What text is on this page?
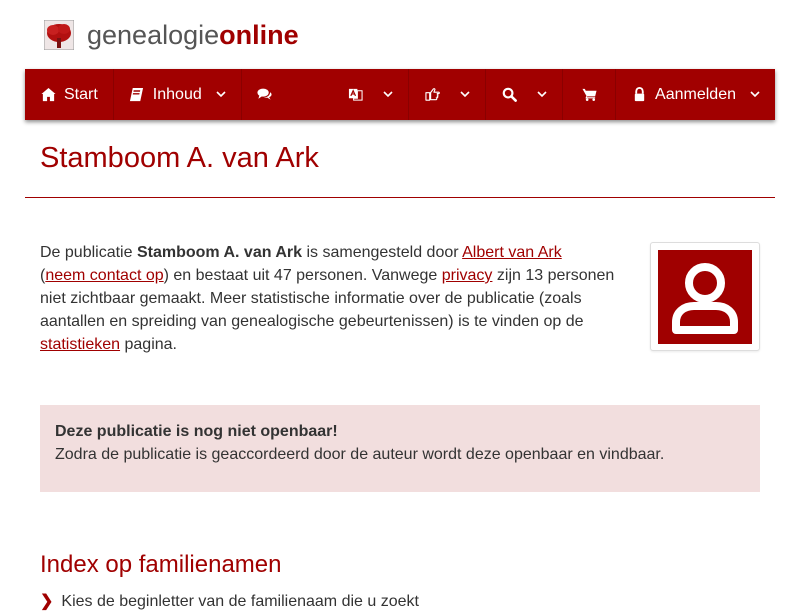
genealogieonline
Start	Inhoud	Aanmelden
Stamboom A. van Ark
De publicatie Stamboom A. van Ark is samengesteld door Albert van Ark
(neem contact op) en bestaat uit 47 personen. Vanwege privacy zijn 13 personen niet zichtbaar gemaakt. Meer statistische informatie over de publicatie (zoals aantallen en spreiding van genealogische gebeurtenissen) is te vinden op de statistieken pagina.
Deze publicatie is nog niet openbaar!
Zodra de publicatie is geaccordeerd door de auteur wordt deze openbaar en vindbaar.
Index op familienamen
❯ Kies de beginletter van de familienaam die u zoekt
